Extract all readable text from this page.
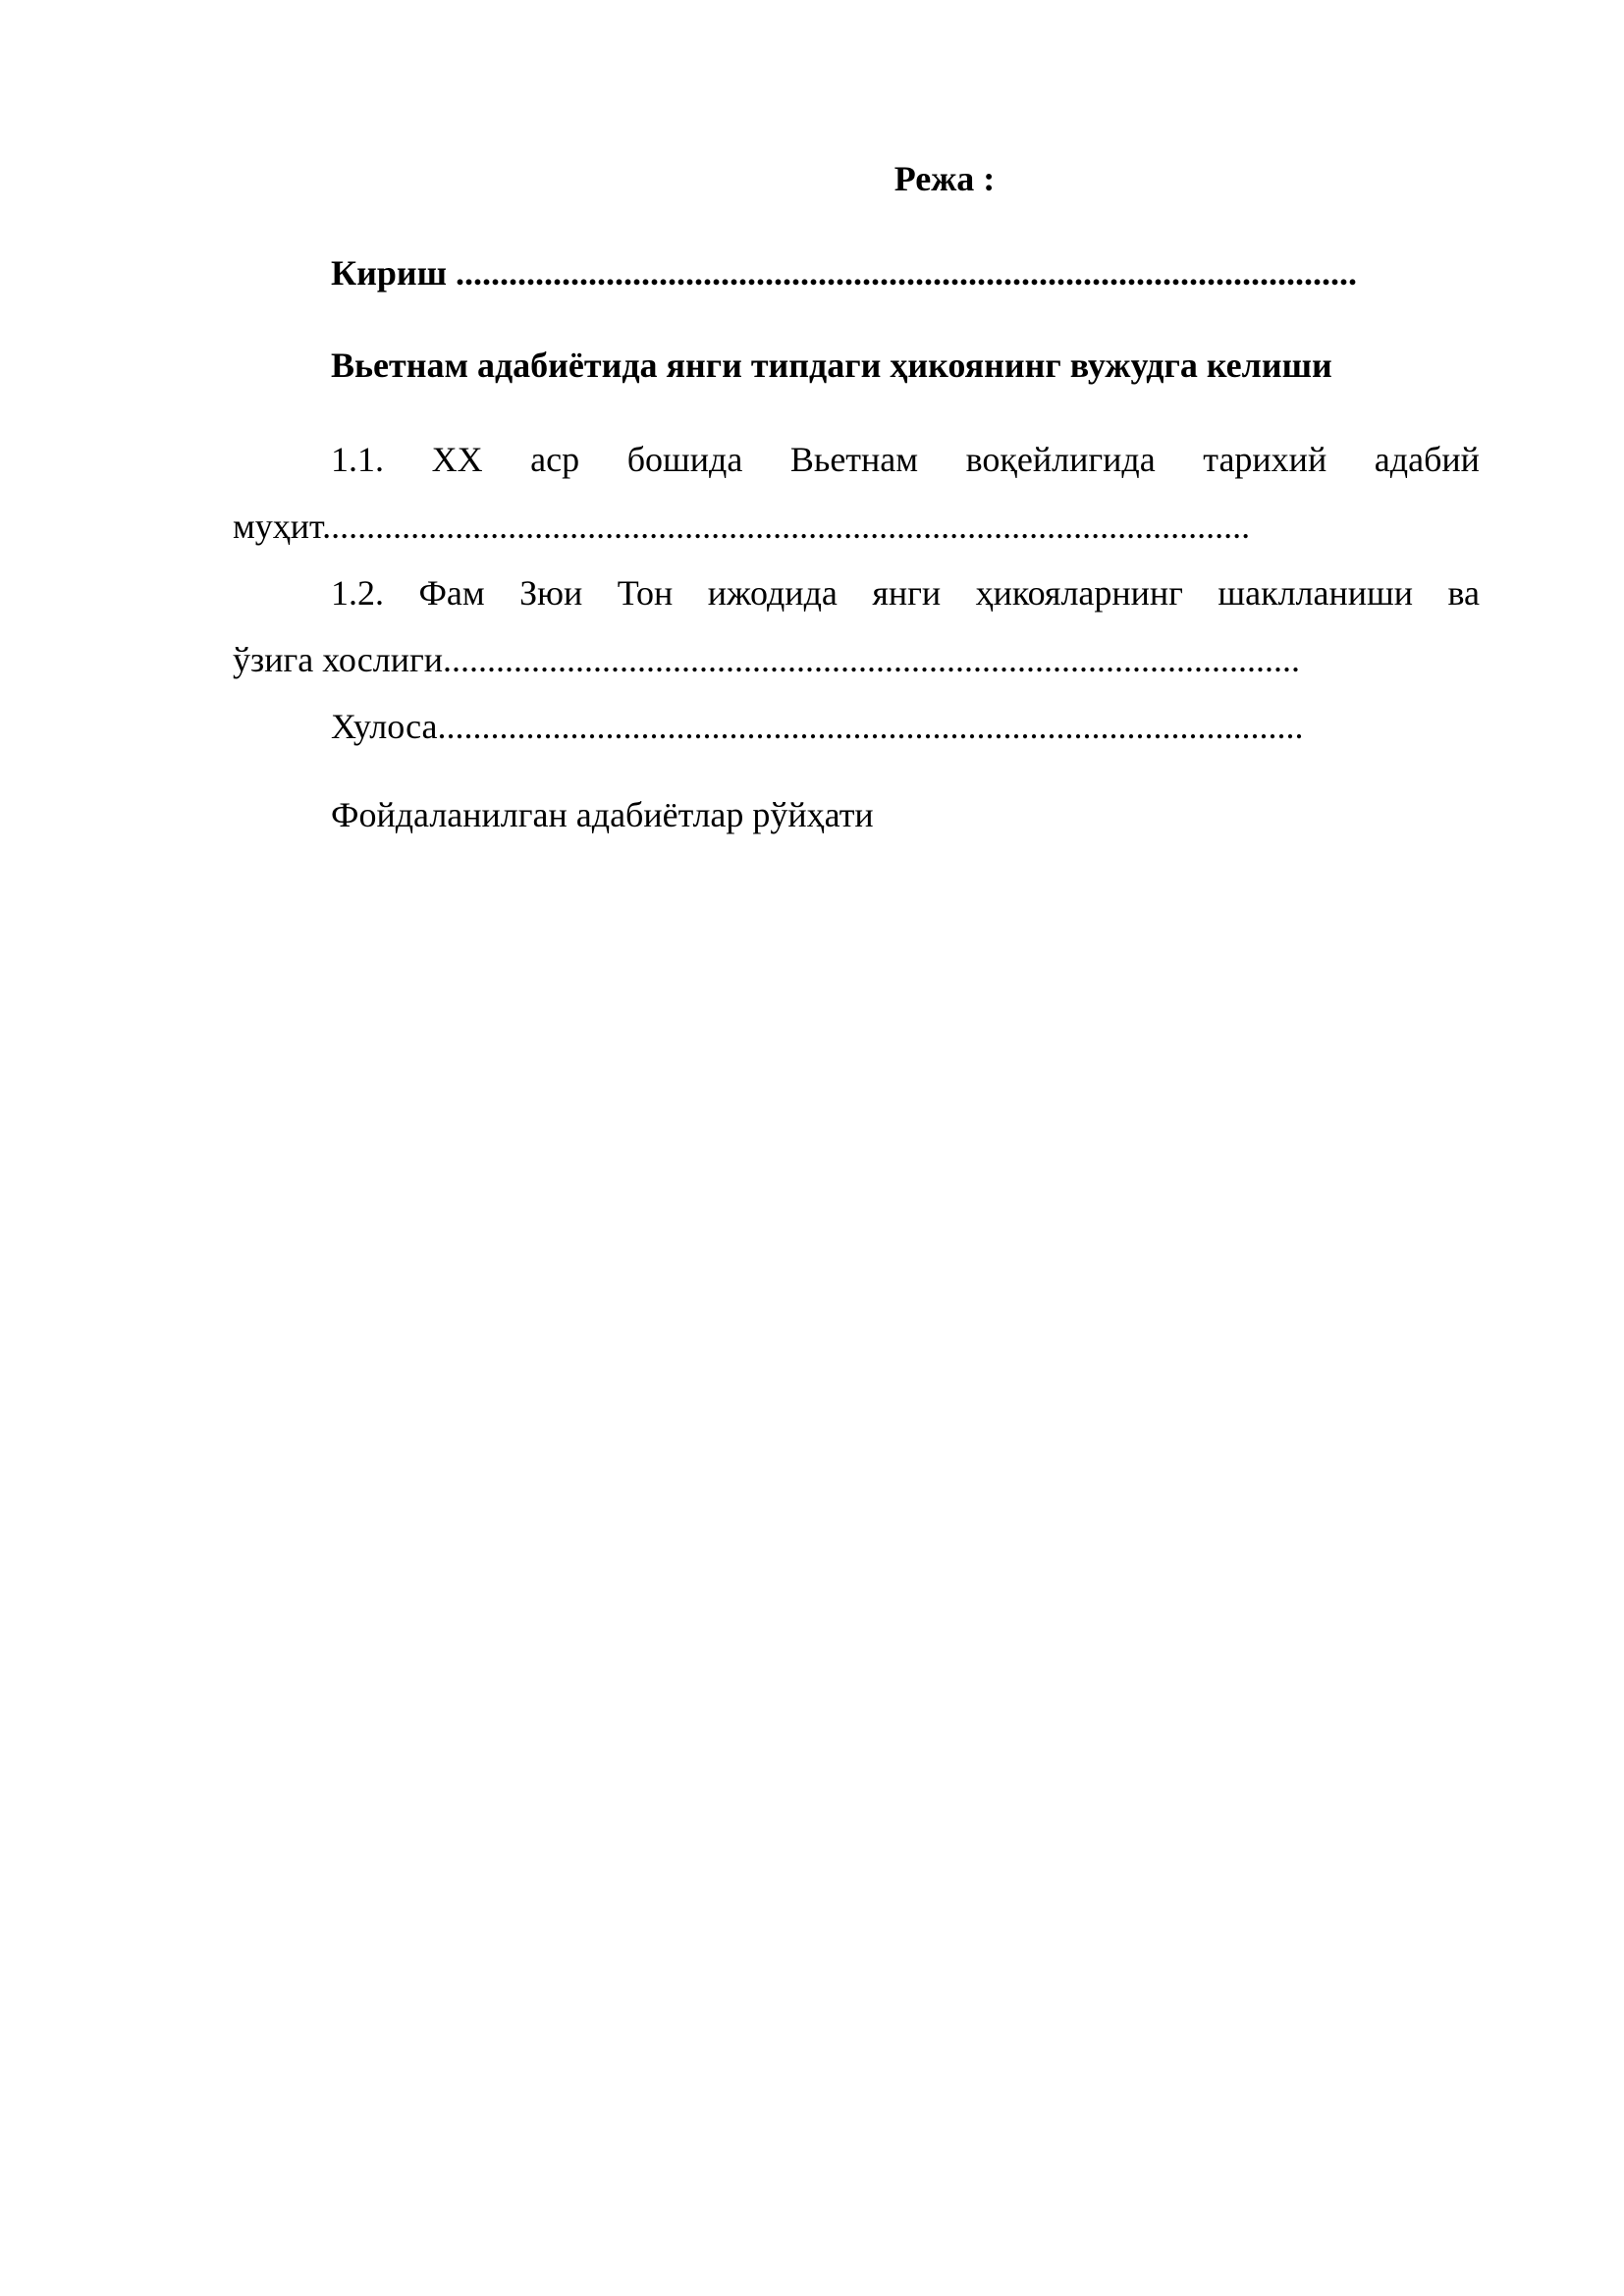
Режа :
Кириш ......................................................................................................
Вьетнам адабиётида янги типдаги ҳикоянинг вужудга келиши
1.1. XX аср бошида Вьетнам воқейлигида тарихий адабий
муҳит.........................................................................................................
1.2. Фам Зюи Тон ижодида янги ҳикояларнинг шаклланиши ва
ўзига хослиги.................................................................................................
Хулоса..................................................................................................
Фойдаланилган адабиётлар рўйҳати
